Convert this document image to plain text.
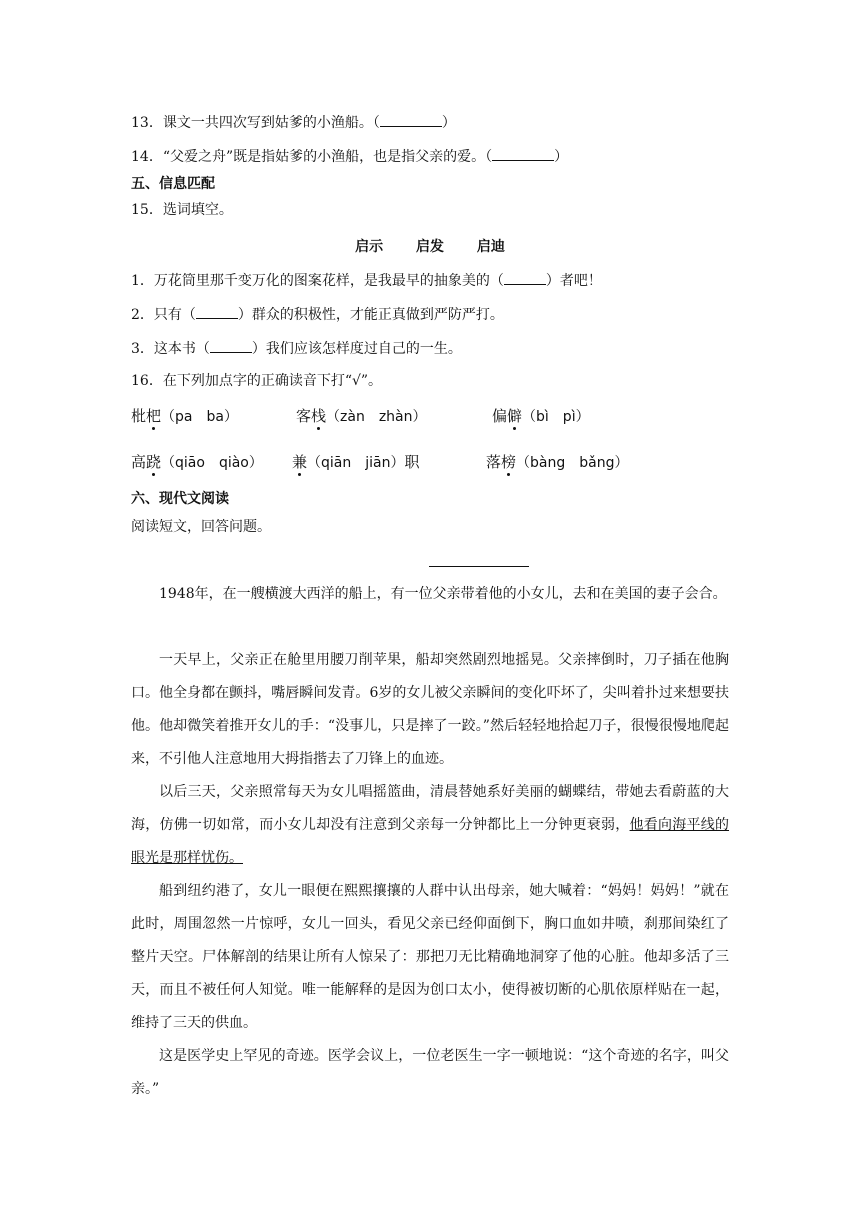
13．课文一共四次写到姑爹的小渔船。（	）
14．“父爱之舟”既是指姑爹的小渔船，也是指父亲的爱。（	）
五、信息匹配
15．选词填空。
启示 启发 启迪
1．万花筒里那千变万化的图案花样，是我最早的抽象美的（	）者吧！
2．只有（	）群众的积极性，才能正真做到严防严打。
3．这本书（	）我们应该怎样度过自己的一生。
16．在下列加点字的正确读音下打“√”。
枇杷（pa　ba）	客栈（zàn　zhàn）	偏僻（bì　pì）
高跷（qiāo　qiào） 兼（qiān　jiān）职	落榜（bàng　bǎng）
六、现代文阅读
阅读短文，回答问题。
1948年，在一艘横渡大西洋的船上，有一位父亲带着他的小女儿，去和在美国的妻子会合。
一天早上，父亲正在舱里用腰刀削苹果，船却突然剧烈地摇晃。父亲摔倒时，刀子插在他胸口。他全身都在颤抖，嘴唇瞬间发青。6岁的女儿被父亲瞬间的变化吓坏了，尖叫着扑过来想要扶他。他却微笑着推开女儿的手：“没事儿，只是摔了一跤。”然后轻轻地拾起刀子，很慢很慢地爬起来，不引他人注意地用大拇指揩去了刀锋上的血迹。
以后三天，父亲照常每天为女儿唱摇篮曲，清晨替她系好美丽的蝴蝶结，带她去看蔚蓝的大海，仿佛一切如常，而小女儿却没有注意到父亲每一分钟都比上一分钟更衰弱，他看向海平线的眼光是那样忧伤。
船到纽约港了，女儿一眼便在熙熙攘攘的人群中认出母亲，她大喊着：“妈妈！妈妈！”就在此时，周围忽然一片惊呼，女儿一回头，看见父亲已经仰面倒下，胸口血如井喷，刹那间染红了整片天空。尸体解剖的结果让所有人惊呆了：那把刀无比精确地洞穿了他的心脏。他却多活了三天，而且不被任何人知觉。唯一能解释的是因为创口太小，使得被切断的心肌依原样贴在一起，维持了三天的供血。
这是医学史上罕见的奇迹。医学会议上，一位老医生一字一顿地说：“这个奇迹的名字，叫父亲。”
